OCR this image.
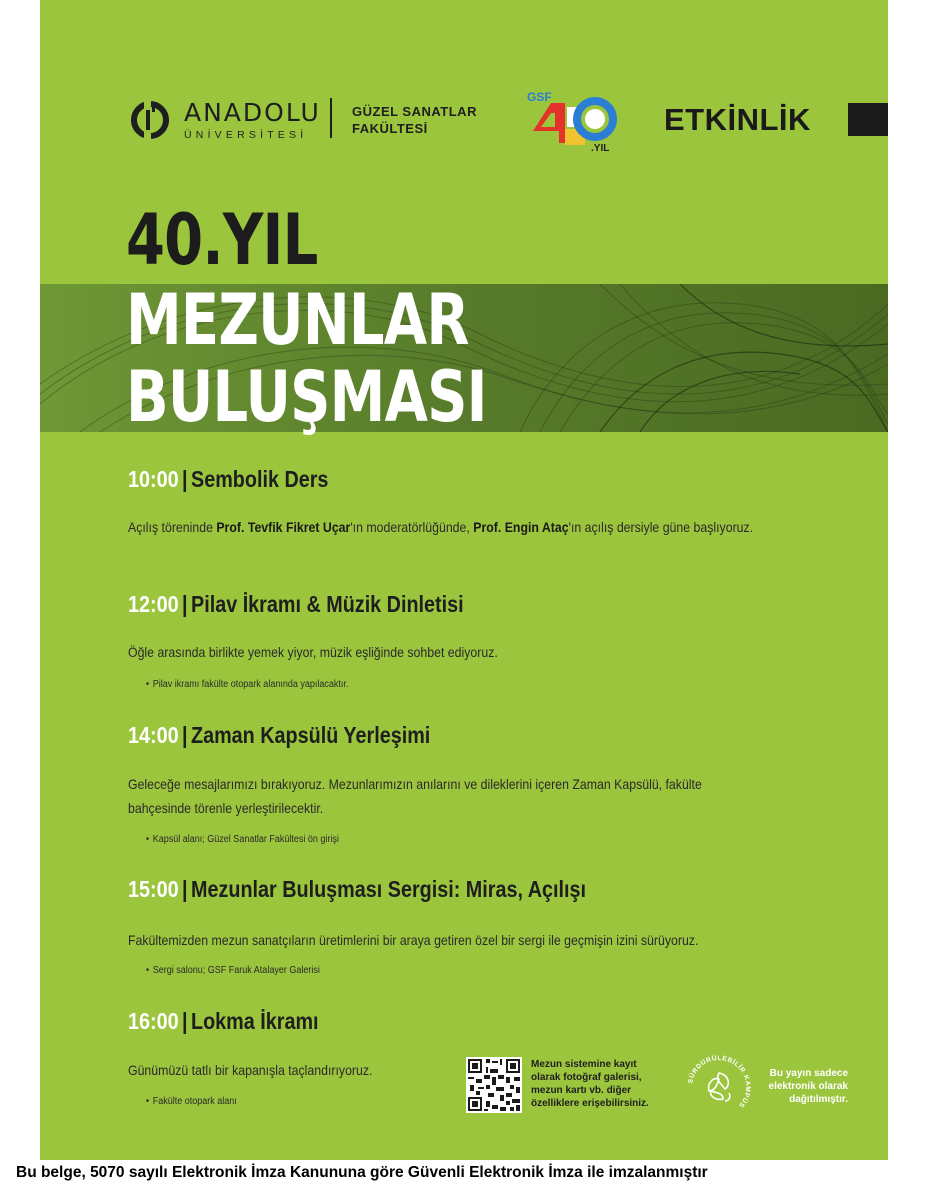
ANADOLU
ÜNİVERSİTESİ
GÜZEL SANATLAR
FAKÜLTESİ
GSF
.YIL
ETKİNLİK
40.YIL
MEZUNLAR
BULUŞMASI
10:00 | Sembolik Ders
Açılış töreninde Prof. Tevfik Fikret Uçar'ın moderatörlüğünde, Prof. Engin Ataç'ın açılış dersiyle güne başlıyoruz.
12:00 | Pilav İkramı & Müzik Dinletisi
Öğle arasında birlikte yemek yiyor, müzik eşliğinde sohbet ediyoruz.
• Pilav ikramı fakülte otopark alanında yapılacaktır.
14:00 | Zaman Kapsülü Yerleşimi
Geleceğe mesajlarımızı bırakıyoruz. Mezunlarımızın anılarını ve dileklerini içeren Zaman Kapsülü, fakülte bahçesinde törenle yerleştirilecektir.
• Kapsül alanı; Güzel Sanatlar Fakültesi ön girişi
15:00 | Mezunlar Buluşması Sergisi: Miras, Açılışı
Fakültemizden mezun sanatçıların üretimlerini bir araya getiren özel bir sergi ile geçmişin izini sürüyoruz.
• Sergi salonu; GSF Faruk Atalayer Galerisi
16:00 | Lokma İkramı
Günümüzü tatlı bir kapanışla taçlandırıyoruz.
• Fakülte otopark alanı
Mezun sistemine kayıt olarak fotoğraf galerisi, mezun kartı vb. diğer özelliklere erişebilirsiniz.
SÜRDÜRÜLEBİLİR KAMPÜS
Bu yayın sadece elektronik olarak dağıtılmıştır.
Bu belge, 5070 sayılı Elektronik İmza Kanununa göre Güvenli Elektronik İmza ile imzalanmıştır
